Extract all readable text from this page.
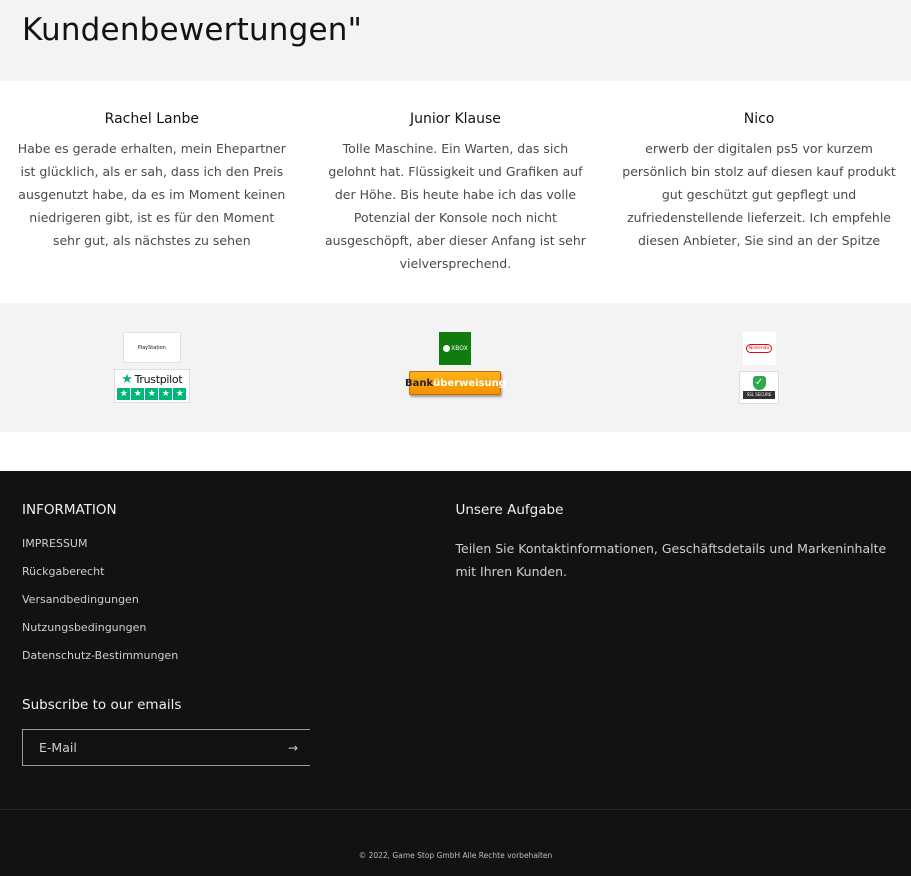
Kundenbewertungen"
Rachel Lanbe

Habe es gerade erhalten, mein Ehepartner ist glücklich, als er sah, dass ich den Preis ausgenutzt habe, da es im Moment keinen niedrigeren gibt, ist es für den Moment sehr gut, als nächstes zu sehen

Junior Klause

Tolle Maschine. Ein Warten, das sich gelohnt hat. Flüssigkeit und Grafiken auf der Höhe. Bis heute habe ich das volle Potenzial der Konsole noch nicht ausgeschöpft, aber dieser Anfang ist sehr vielversprechend.

Nico

erwerb der digitalen ps5 vor kurzem persönlich bin stolz auf diesen kauf produkt gut geschützt gut gepflegt und zufriedenstellende lieferzeit. Ich empfehle diesen Anbieter, Sie sind an der Spitze

PlayStation
★ Trustpilot
★ ★ ★ ★ ★
XBOX
Bank überweisung
Nintendo
✓
SSL SECURE
INFORMATION
IMPRESSUM
Rückgaberecht
Versandbedingungen
Nutzungsbedingungen
Datenschutz-Bestimmungen
Unsere Aufgabe

Teilen Sie Kontaktinformationen, Geschäftsdetails und Markeninhalte mit Ihren Kunden.

Subscribe to our emails
E-Mail
→
© 2022, Game Stop GmbH Alle Rechte vorbehalten
